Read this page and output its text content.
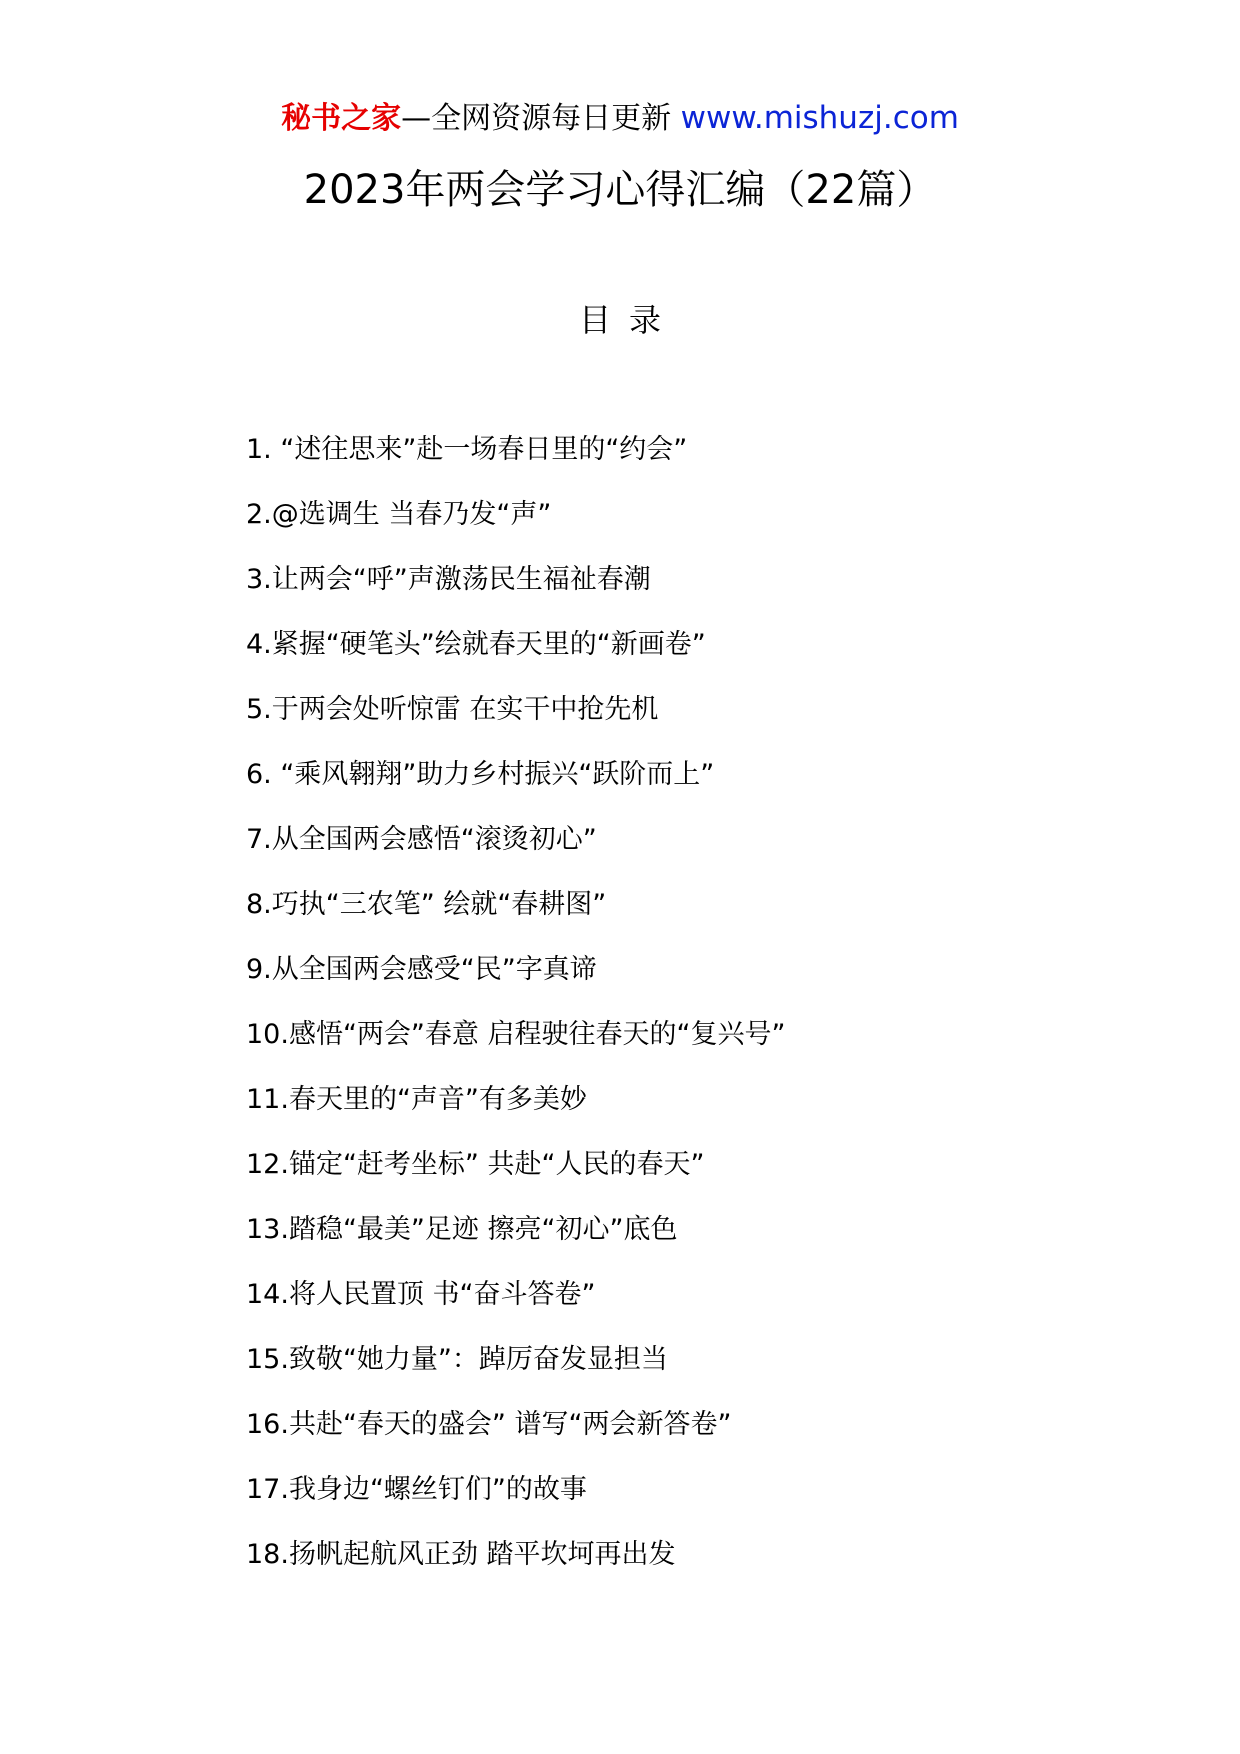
秘书之家—全网资源每日更新 www.mishuzj.com
2023年两会学习心得汇编（22篇）
目录
1. “述往思来”赴一场春日里的“约会”
2.@选调生 当春乃发“声”
3.让两会“呼”声激荡民生福祉春潮
4.紧握“硬笔头”绘就春天里的“新画卷”
5.于两会处听惊雷 在实干中抢先机
6. “乘风翱翔”助力乡村振兴“跃阶而上”
7.从全国两会感悟“滚烫初心”
8.巧执“三农笔” 绘就“春耕图”
9.从全国两会感受“民”字真谛
10.感悟“两会”春意 启程驶往春天的“复兴号”
11.春天里的“声音”有多美妙
12.锚定“赶考坐标” 共赴“人民的春天”
13.踏稳“最美”足迹 擦亮“初心”底色
14.将人民置顶 书“奋斗答卷”
15.致敬“她力量”：踔厉奋发显担当
16.共赴“春天的盛会” 谱写“两会新答卷”
17.我身边“螺丝钉们”的故事
18.扬帆起航风正劲 踏平坎坷再出发
